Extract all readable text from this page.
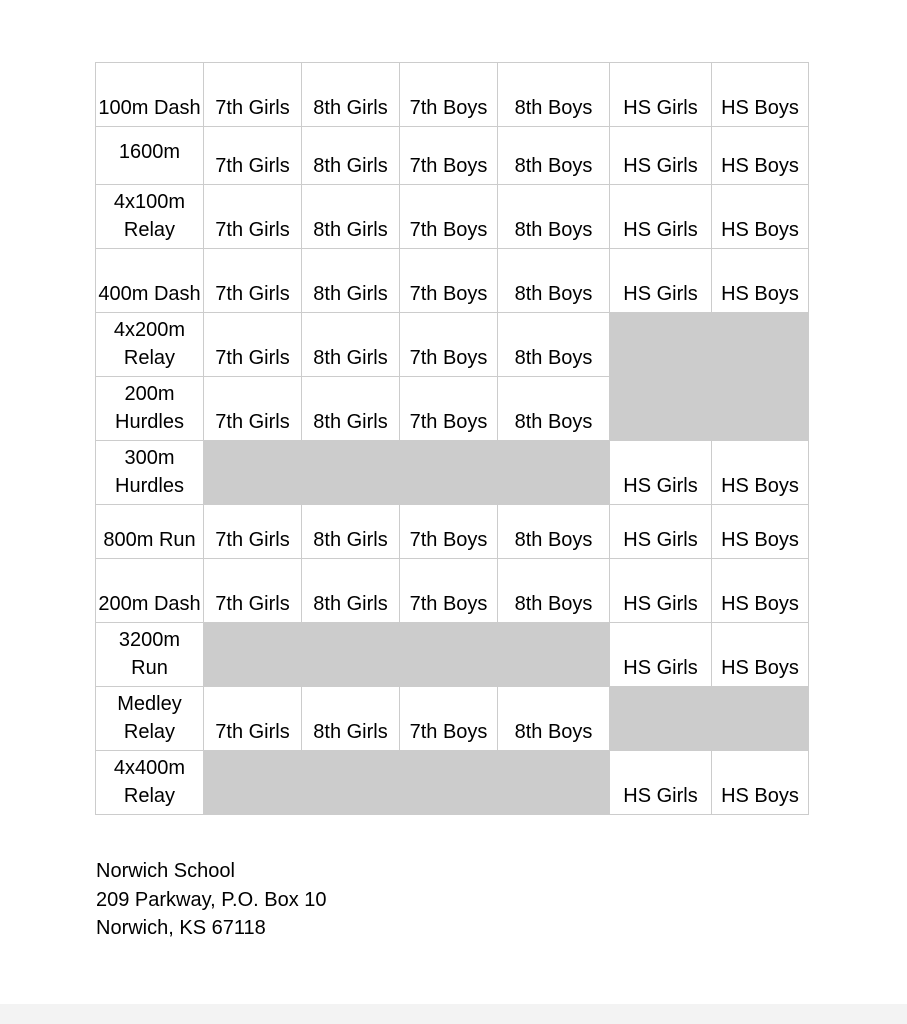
100m Dash	7th Girls	8th Girls	7th Boys	8th Boys	HS Girls	HS Boys
1600m	7th Girls	8th Girls	7th Boys	8th Boys	HS Girls	HS Boys
4x100m Relay	7th Girls	8th Girls	7th Boys	8th Boys	HS Girls	HS Boys
400m Dash	7th Girls	8th Girls	7th Boys	8th Boys	HS Girls	HS Boys
4x200m Relay	7th Girls	8th Girls	7th Boys	8th Boys		
200m Hurdles	7th Girls	8th Girls	7th Boys	8th Boys		
300m Hurdles					HS Girls	HS Boys
800m Run	7th Girls	8th Girls	7th Boys	8th Boys	HS Girls	HS Boys
200m Dash	7th Girls	8th Girls	7th Boys	8th Boys	HS Girls	HS Boys
3200m Run					HS Girls	HS Boys
Medley Relay	7th Girls	8th Girls	7th Boys	8th Boys		
4x400m Relay					HS Girls	HS Boys
Norwich School
209 Parkway, P.O. Box 10
Norwich, KS 67118
